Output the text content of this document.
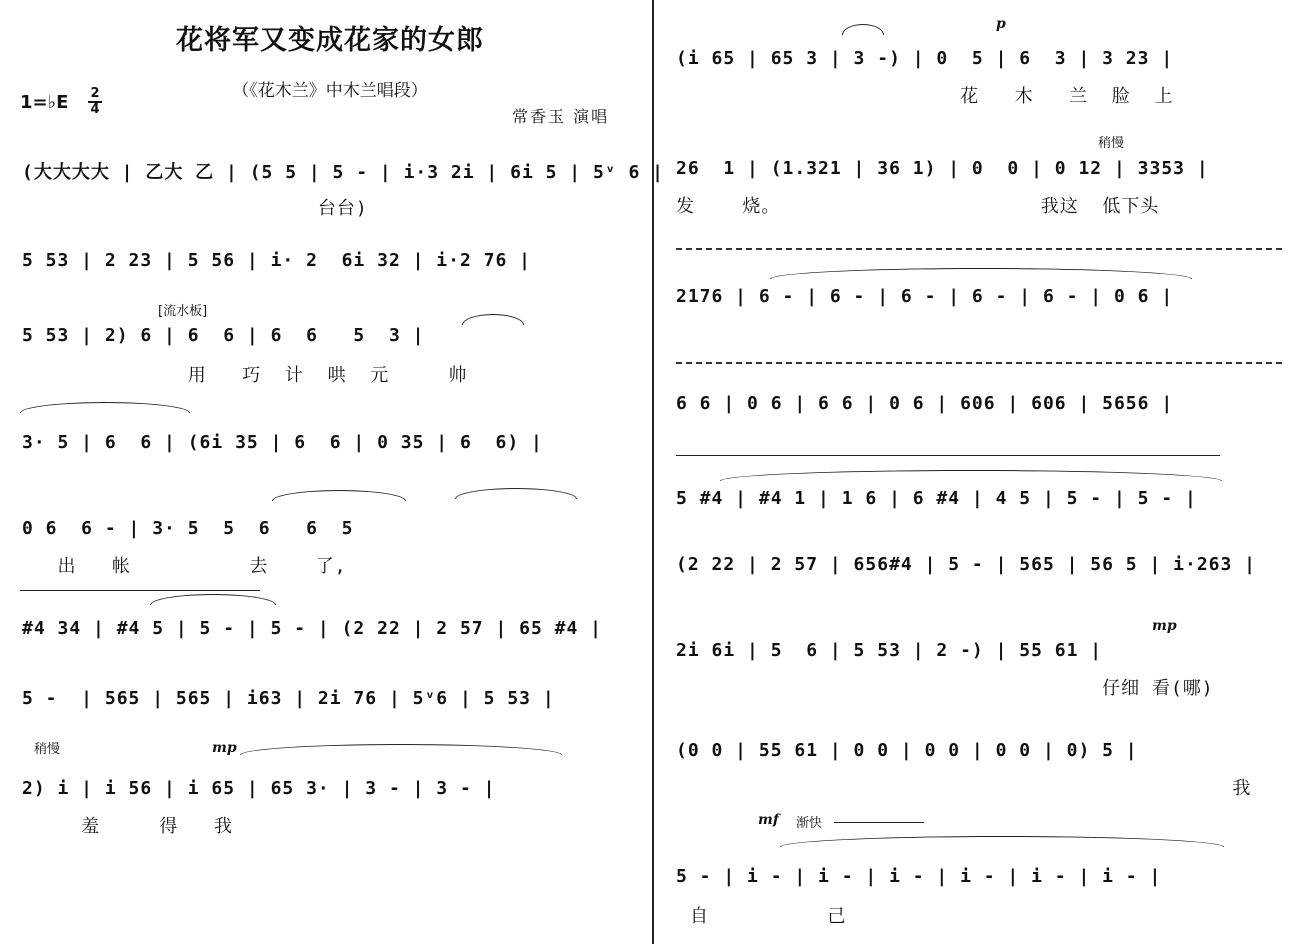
花将军又变成花家的女郎
（《花木兰》中木兰唱段）
1=♭E 2
4	常香玉 演唱
(大大大大 | 乙大 乙 | (5 5 | 5 - | i·3 2i | 6i 5 | 5ᵛ 6 |
台台)
5 53 | 2 23 | 5 56 | i· 2  6i 32 | i·2 76 |
[流水板]
5 53 | 2) 6 | 6  6 | 6  6   5  3 |
用   巧  计  哄  元     帅
3· 5 | 6  6 | (6i 35 | 6  6 | 0 35 | 6  6) |
0 6  6 - | 3· 5  5  6   6  5
出   帐          去    了,
#4 34 | #4 5 | 5 - | 5 - | (2 22 | 2 57 | 65 #4 |
5 -  | 565 | 565 | i63 | 2i 76 | 5ᵛ6 | 5 53 |
稍慢	mp
2) i | i 56 | i 65 | 65 3· | 3 - | 3 - |
羞     得   我
p
(i 65 | 65 3 | 3 -) | 0  5 | 6  3 | 3 23 |
花   木   兰  脸  上
稍慢
26  1 | (1.321 | 36 1) | 0  0 | 0 12 | 3353 |
发    烧。                      我这  低下头
2176 | 6 - | 6 - | 6 - | 6 - | 6 - | 0 6 |
6 6 | 0 6 | 6 6 | 0 6 | 606 | 606 | 5656 |
5 #4 | #4 1 | 1 6 | 6 #4 | 4 5 | 5 - | 5 - |
(2 22 | 2 57 | 656#4 | 5 - | 565 | 56 5 | i·263 |
mp
2i 6i | 5  6 | 5 53 | 2 -) | 55 61 |
仔细 看(哪)
(0 0 | 55 61 | 0 0 | 0 0 | 0 0 | 0) 5 |
我
mf 渐快
5 - | i - | i - | i - | i - | i - | i - |
自          己
